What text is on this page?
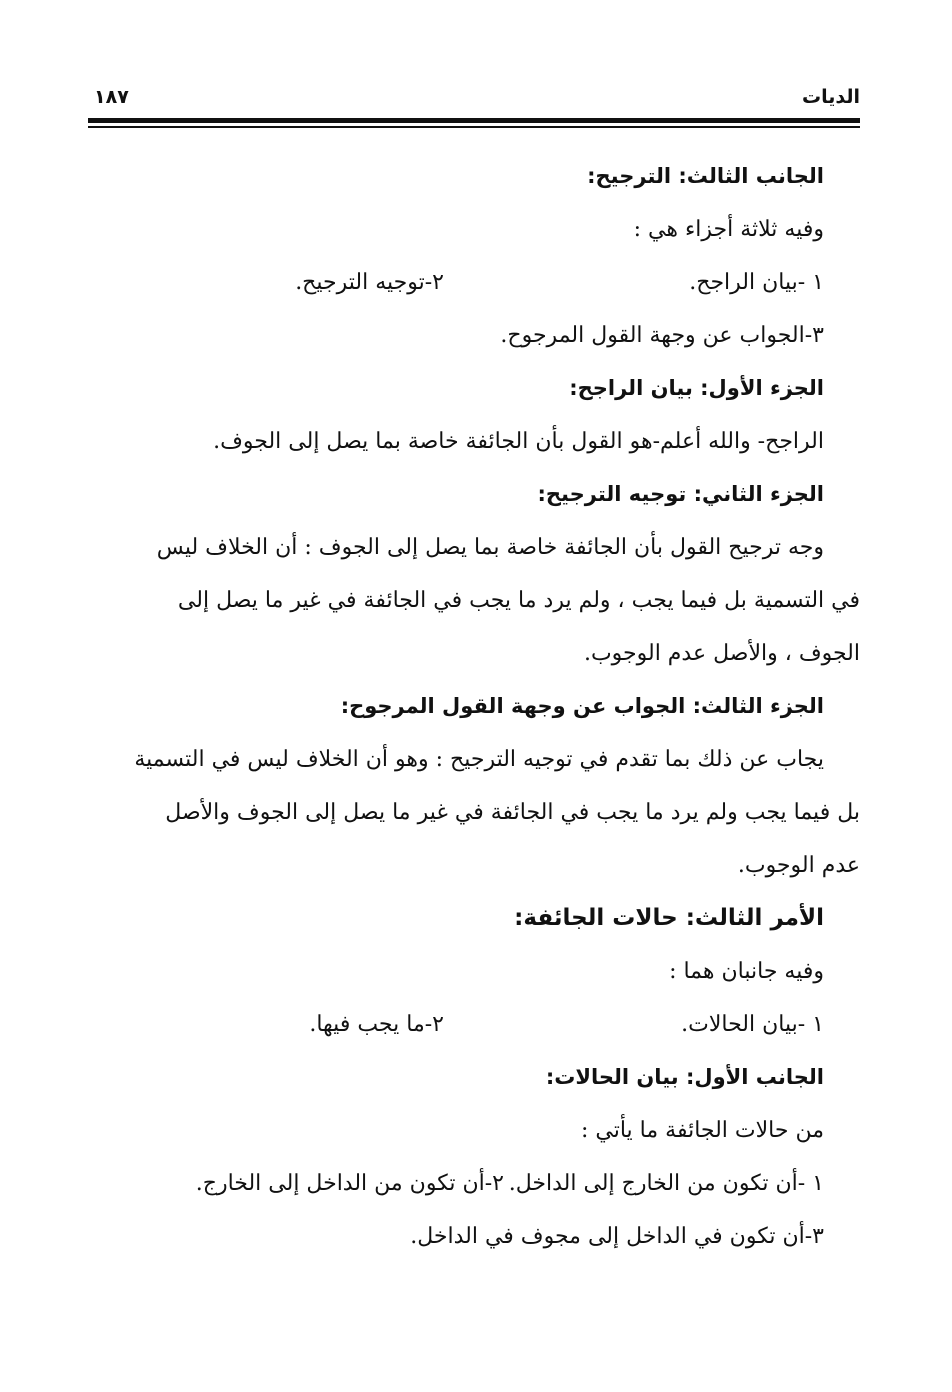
الديات
١٨٧
الجانب الثالث: الترجيح:
وفيه ثلاثة أجزاء هي :
١ -بيان الراجح.
٢-توجيه الترجيح.
٣-الجواب عن وجهة القول المرجوح.
الجزء الأول: بيان الراجح:
الراجح- والله أعلم-هو القول بأن الجائفة خاصة بما يصل إلى الجوف.
الجزء الثاني: توجيه الترجيح:
وجه ترجيح القول بأن الجائفة خاصة بما يصل إلى الجوف : أن الخلاف ليس
في التسمية بل فيما يجب ، ولم يرد ما يجب في الجائفة في غير ما يصل إلى
الجوف ، والأصل عدم الوجوب.
الجزء الثالث: الجواب عن وجهة القول المرجوح:
يجاب عن ذلك بما تقدم في توجيه الترجيح : وهو أن الخلاف ليس في التسمية
بل فيما يجب ولم يرد ما يجب في الجائفة في غير ما يصل إلى الجوف والأصل
عدم الوجوب.
الأمر الثالث: حالات الجائفة:
وفيه جانبان هما :
١ -بيان الحالات.
٢-ما يجب فيها.
الجانب الأول: بيان الحالات:
من حالات الجائفة ما يأتي :
١ -أن تكون من الخارج إلى الداخل.
٢-أن تكون من الداخل إلى الخارج.
٣-أن تكون في الداخل إلى مجوف في الداخل.
